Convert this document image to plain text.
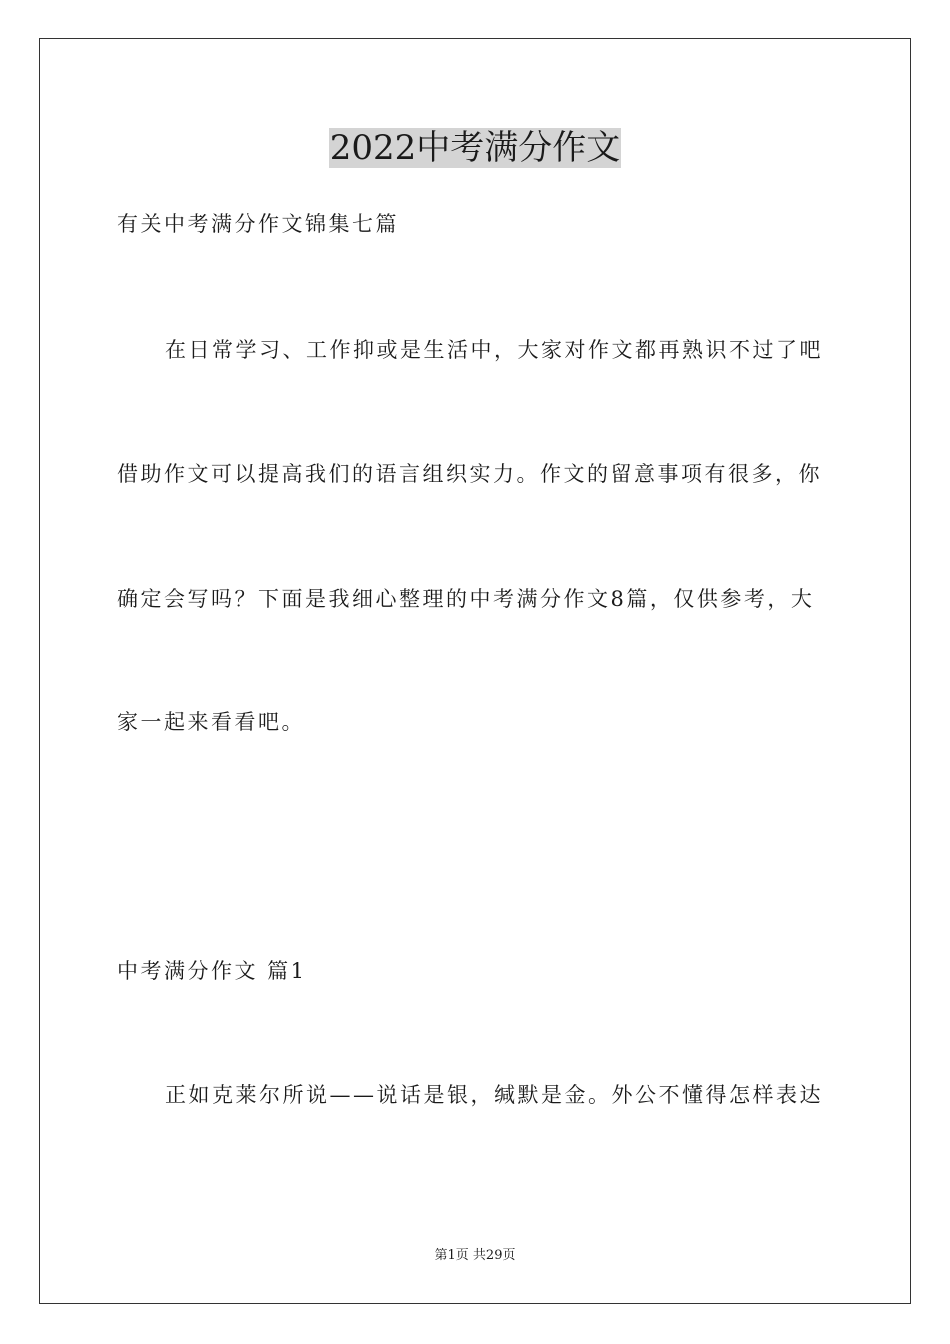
2022中考满分作文
有关中考满分作文锦集七篇
在日常学习、工作抑或是生活中，大家对作文都再熟识不过了吧
借助作文可以提高我们的语言组织实力。作文的留意事项有很多，你
确定会写吗？下面是我细心整理的中考满分作文8篇，仅供参考，大
家一起来看看吧。
中考满分作文 篇1
正如克莱尔所说——说话是银，缄默是金。外公不懂得怎样表达
第1页 共29页
